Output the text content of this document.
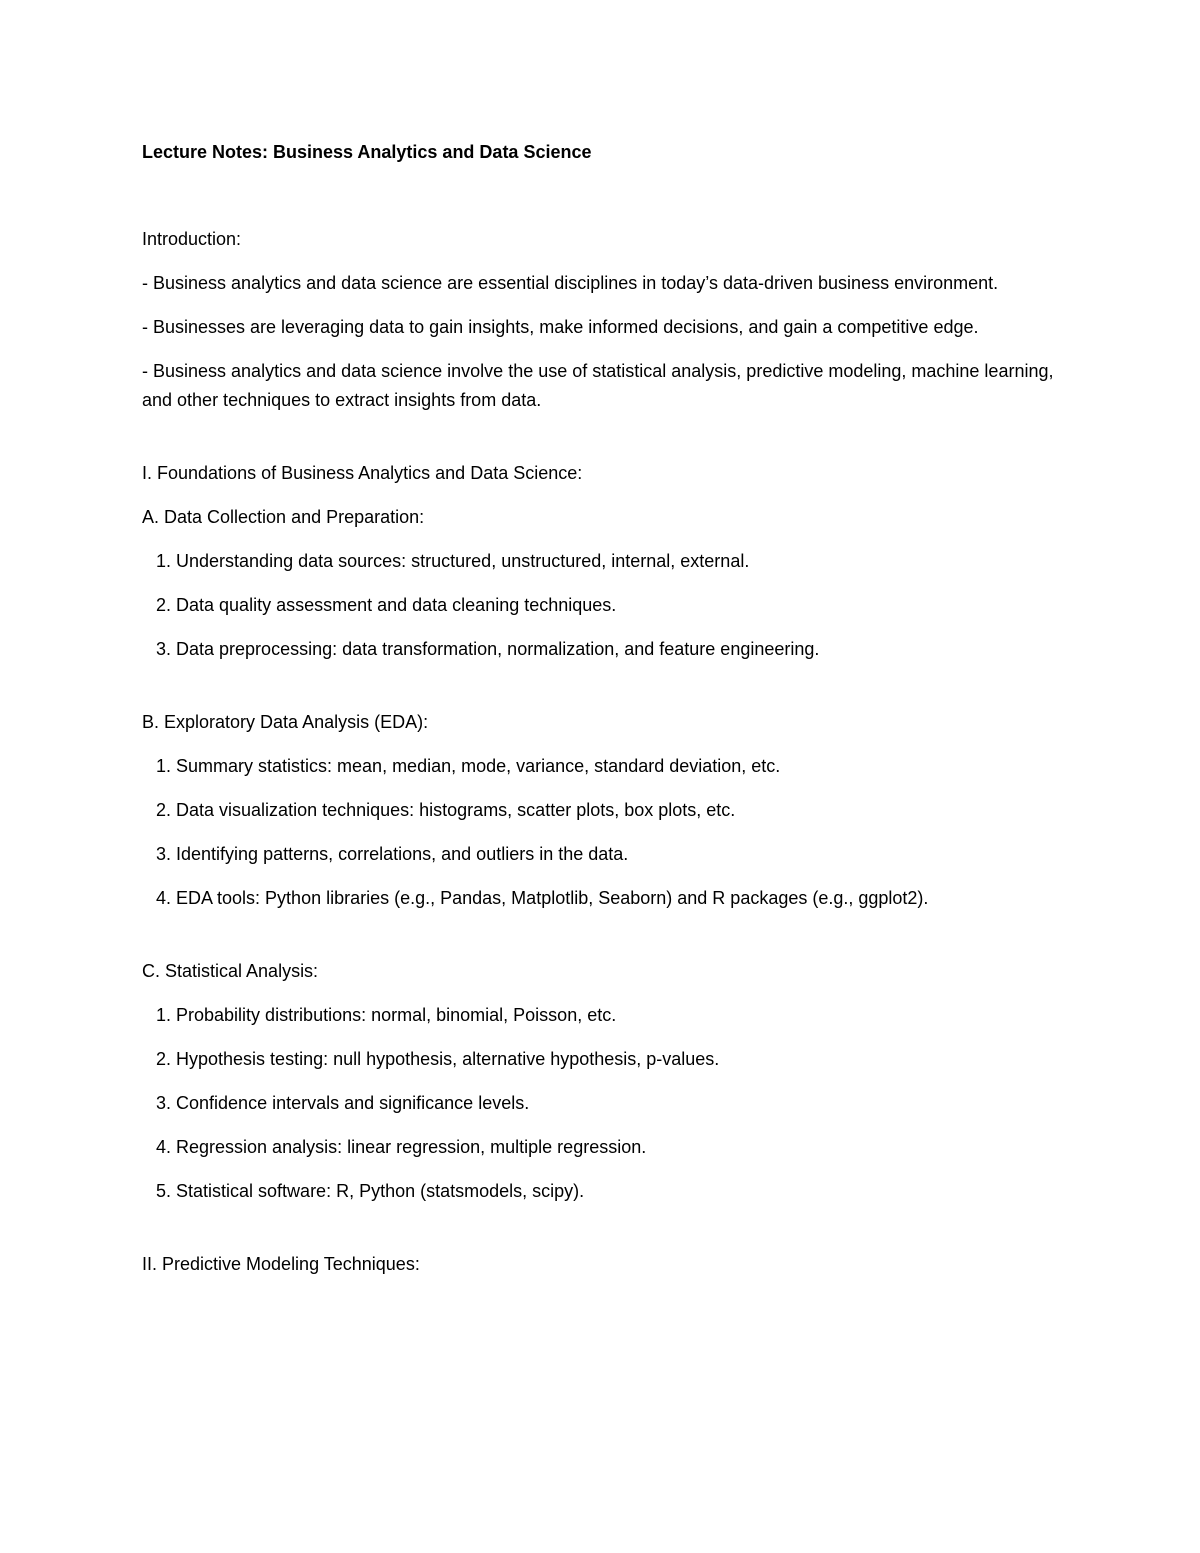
Lecture Notes: Business Analytics and Data Science
Introduction:
- Business analytics and data science are essential disciplines in today’s data-driven business environment.
- Businesses are leveraging data to gain insights, make informed decisions, and gain a competitive edge.
- Business analytics and data science involve the use of statistical analysis, predictive modeling, machine learning, and other techniques to extract insights from data.
I. Foundations of Business Analytics and Data Science:
A. Data Collection and Preparation:
1. Understanding data sources: structured, unstructured, internal, external.
2. Data quality assessment and data cleaning techniques.
3. Data preprocessing: data transformation, normalization, and feature engineering.
B. Exploratory Data Analysis (EDA):
1. Summary statistics: mean, median, mode, variance, standard deviation, etc.
2. Data visualization techniques: histograms, scatter plots, box plots, etc.
3. Identifying patterns, correlations, and outliers in the data.
4. EDA tools: Python libraries (e.g., Pandas, Matplotlib, Seaborn) and R packages (e.g., ggplot2).
C. Statistical Analysis:
1. Probability distributions: normal, binomial, Poisson, etc.
2. Hypothesis testing: null hypothesis, alternative hypothesis, p-values.
3. Confidence intervals and significance levels.
4. Regression analysis: linear regression, multiple regression.
5. Statistical software: R, Python (statsmodels, scipy).
II. Predictive Modeling Techniques:
